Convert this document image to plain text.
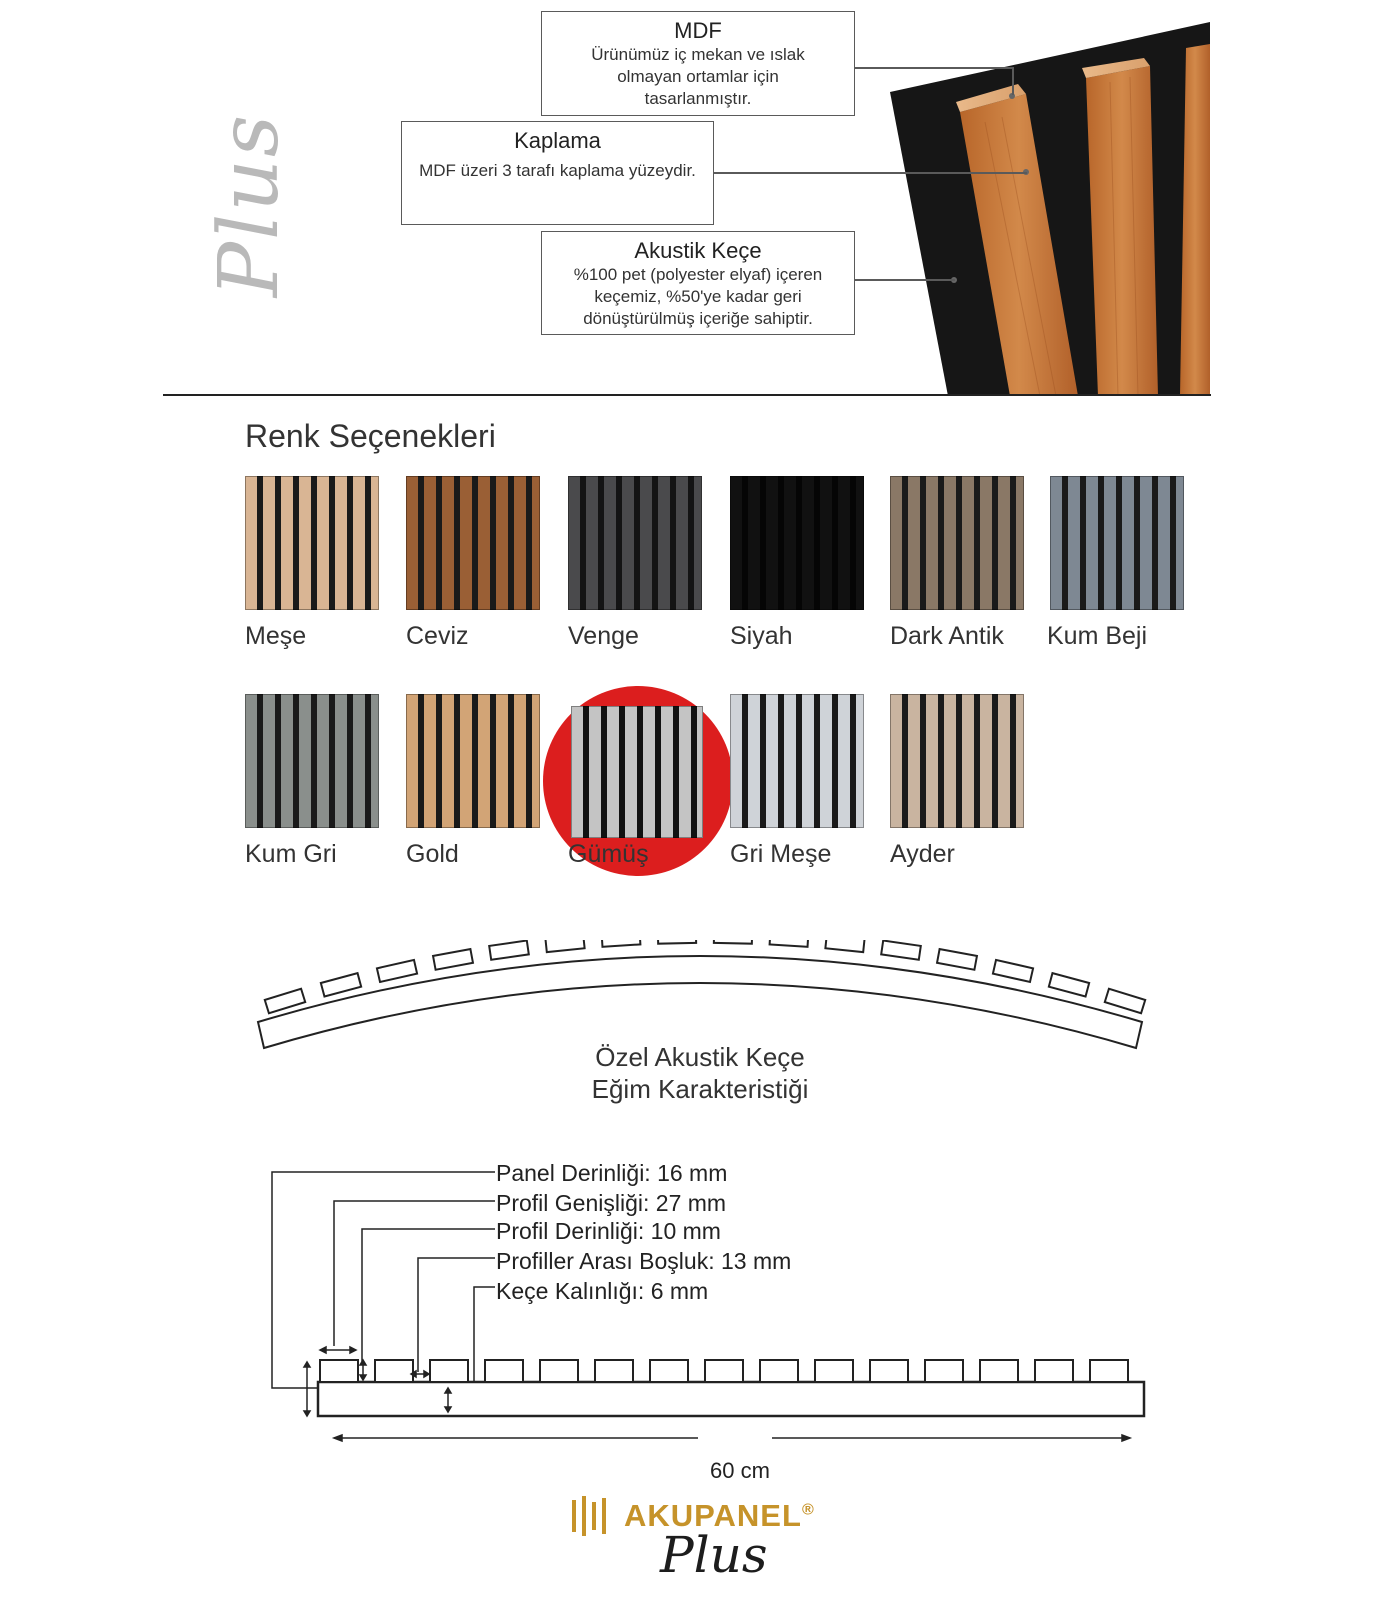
Plus
MDF
Ürünümüz iç mekan ve ıslak
olmayan ortamlar için
tasarlanmıştır.
Kaplama
MDF üzeri 3 tarafı kaplama yüzeydir.
Akustik Keçe
%100 pet (polyester elyaf) içeren
keçemiz, %50'ye kadar geri
dönüştürülmüş içeriğe sahiptir.
Renk Seçenekleri
Meşe	Ceviz	Venge	Siyah	Dark Antik Kum Beji
Kum Gri	Gold	Gümüş	Gri Meşe Ayder
Özel Akustik Keçe
Eğim Karakteristiği
Panel Derinliği: 16 mm
Profil Genişliği: 27 mm
Profil Derinliği: 10 mm
Profiller Arası Boşluk: 13 mm
Keçe Kalınlığı: 6 mm
60 cm
AKUPANEL®
Plus
